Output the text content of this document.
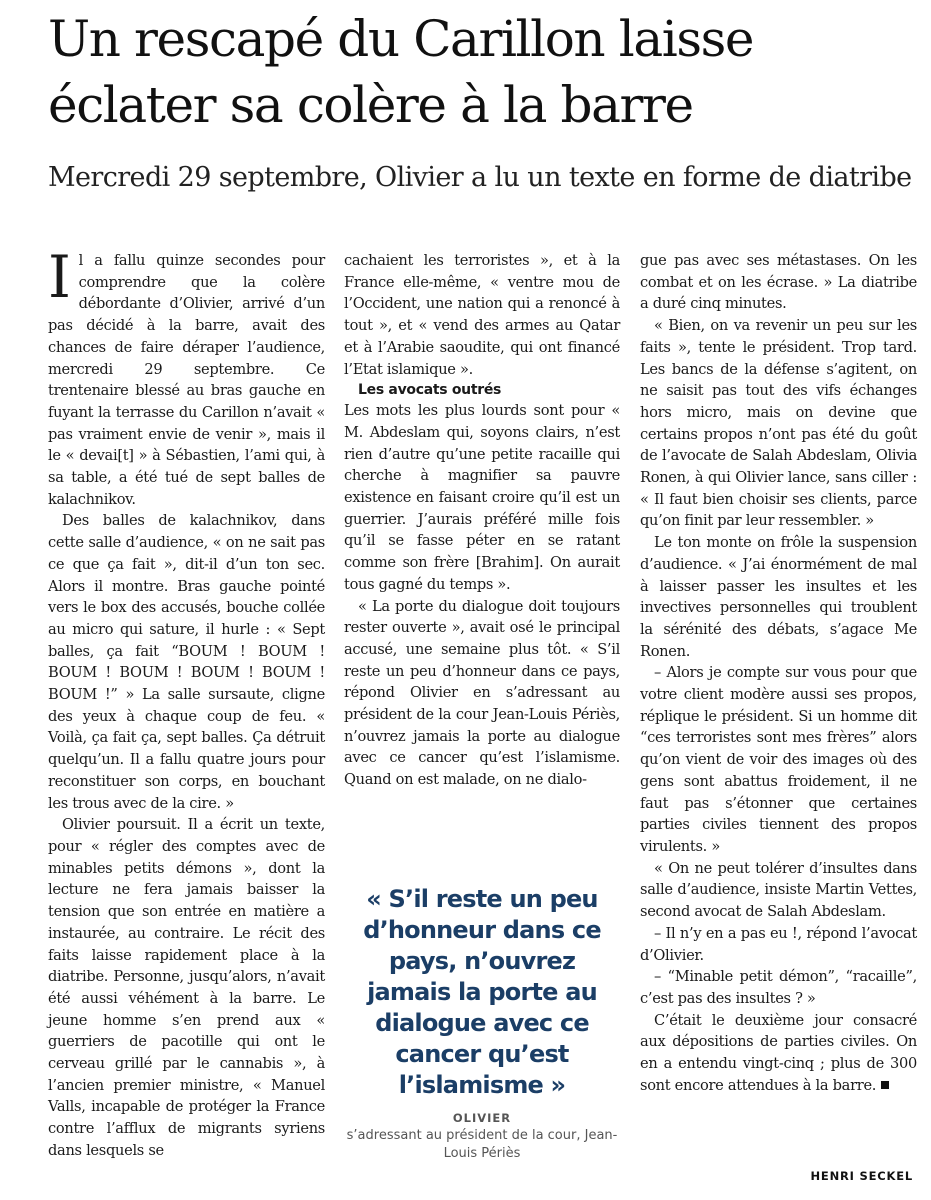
Un rescapé du Carillon laisse éclater sa colère à la barre
Mercredi 29 septembre, Olivier a lu un texte en forme de diatribe

Il a fallu quinze secondes pour comprendre que la colère débordante d’Olivier, arrivé d’un pas décidé à la barre, avait des chances de faire déraper l’audience, mercredi 29 septembre. Ce trentenaire blessé au bras gauche en fuyant la terrasse du Carillon n’avait « pas vraiment envie de venir », mais il le « devai[t] » à Sébastien, l’ami qui, à sa table, a été tué de sept balles de kalachnikov.

Des balles de kalachnikov, dans cette salle d’audience, « on ne sait pas ce que ça fait », dit-il d’un ton sec. Alors il montre. Bras gauche pointé vers le box des accusés, bouche collée au micro qui sature, il hurle : « Sept balles, ça fait “BOUM ! BOUM ! BOUM ! BOUM ! BOUM ! BOUM ! BOUM !” » La salle sursaute, cligne des yeux à chaque coup de feu. « Voilà, ça fait ça, sept balles. Ça détruit quelqu’un. Il a fallu quatre jours pour reconstituer son corps, en bouchant les trous avec de la cire. »

Olivier poursuit. Il a écrit un texte, pour « régler des comptes avec de minables petits démons », dont la lecture ne fera jamais baisser la tension que son entrée en matière a instaurée, au contraire. Le récit des faits laisse rapidement place à la diatribe. Personne, jusqu’alors, n’avait été aussi véhément à la barre. Le jeune homme s’en prend aux « guerriers de pacotille qui ont le cerveau grillé par le cannabis », à l’ancien premier ministre, « Manuel Valls, incapable de protéger la France contre l’afflux de migrants syriens dans lesquels se

cachaient les terroristes », et à la France elle-même, « ventre mou de l’Occident, une nation qui a renoncé à tout », et « vend des armes au Qatar et à l’Arabie saoudite, qui ont financé l’Etat islamique ».

Les avocats outrés

Les mots les plus lourds sont pour « M. Abdeslam qui, soyons clairs, n’est rien d’autre qu’une petite racaille qui cherche à magnifier sa pauvre existence en faisant croire qu’il est un guerrier. J’aurais préféré mille fois qu’il se fasse péter en se ratant comme son frère [Brahim]. On aurait tous gagné du temps ».

« La porte du dialogue doit toujours rester ouverte », avait osé le principal accusé, une semaine plus tôt. « S’il reste un peu d’honneur dans ce pays, répond Olivier en s’adressant au président de la cour Jean-Louis Périès, n’ouvrez jamais la porte au dialogue avec ce cancer qu’est l’islamisme. Quand on est malade, on ne dialo-

« S’il reste un peu d’honneur dans ce pays, n’ouvrez jamais la porte au dialogue avec ce cancer qu’est l’islamisme »

OLIVIER
s’adressant au président de la cour, Jean-Louis Périès

gue pas avec ses métastases. On les combat et on les écrase. » La diatribe a duré cinq minutes.

« Bien, on va revenir un peu sur les faits », tente le président. Trop tard. Les bancs de la défense s’agitent, on ne saisit pas tout des vifs échanges hors micro, mais on devine que certains propos n’ont pas été du goût de l’avocate de Salah Abdeslam, Olivia Ronen, à qui Olivier lance, sans ciller : « Il faut bien choisir ses clients, parce qu’on finit par leur ressembler. »

Le ton monte on frôle la suspension d’audience. « J’ai énormément de mal à laisser passer les insultes et les invectives personnelles qui troublent la sérénité des débats, s’agace Me Ronen.

– Alors je compte sur vous pour que votre client modère aussi ses propos, réplique le président. Si un homme dit “ces terroristes sont mes frères” alors qu’on vient de voir des images où des gens sont abattus froidement, il ne faut pas s’étonner que certaines parties civiles tiennent des propos virulents. »

« On ne peut tolérer d’insultes dans salle d’audience, insiste Martin Vettes, second avocat de Salah Abdeslam.

– Il n’y en a pas eu !, répond l’avocat d’Olivier.

– “Minable petit démon”, “racaille”, c’est pas des insultes ? »

C’était le deuxième jour consacré aux dépositions de parties civiles. On en a entendu vingt-cinq ; plus de 300 sont encore attendues à la barre.

HENRI SECKEL
